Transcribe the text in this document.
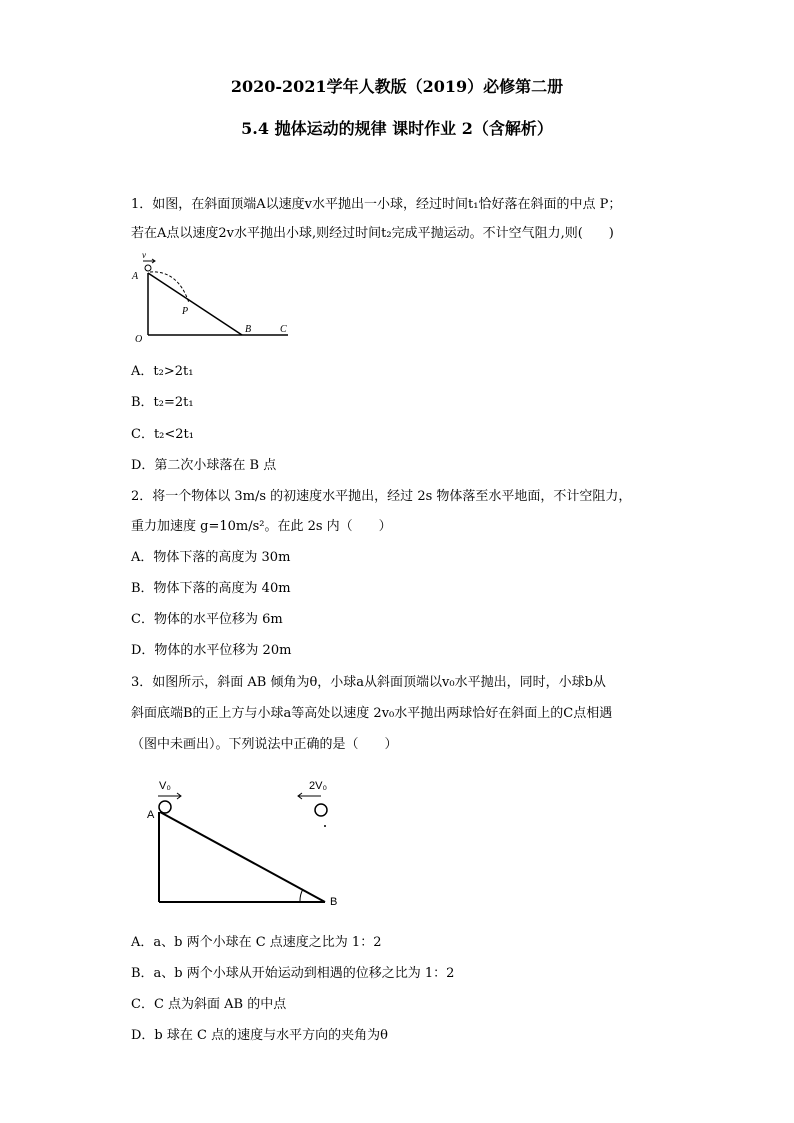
2020-2021学年人教版（2019）必修第二册
5.4 抛体运动的规律 课时作业 2（含解析）
1．如图，在斜面顶端A以速度v水平抛出一小球，经过时间t₁恰好落在斜面的中点 P；
若在A点以速度2v水平抛出小球,则经过时间t₂完成平抛运动。不计空气阻力,则(　　)
v
A
P
O
B	C
A．t₂>2t₁
B．t₂=2t₁
C．t₂<2t₁
D．第二次小球落在 B 点
2．将一个物体以 3m/s 的初速度水平抛出，经过 2s 物体落至水平地面，不计空阻力，
重力加速度 g=10m/s²。在此 2s 内（　　）
A．物体下落的高度为 30m
B．物体下落的高度为 40m
C．物体的水平位移为 6m
D．物体的水平位移为 20m
3．如图所示，斜面 AB 倾角为θ，小球a从斜面顶端以v₀水平抛出，同时，小球b从
斜面底端B的正上方与小球a等高处以速度 2v₀水平抛出两球恰好在斜面上的C点相遇
（图中未画出）。下列说法中正确的是（　　）
V₀	2V₀
A
B
A．a、b 两个小球在 C 点速度之比为 1：2
B．a、b 两个小球从开始运动到相遇的位移之比为 1：2
C．C 点为斜面 AB 的中点
D．b 球在 C 点的速度与水平方向的夹角为θ
